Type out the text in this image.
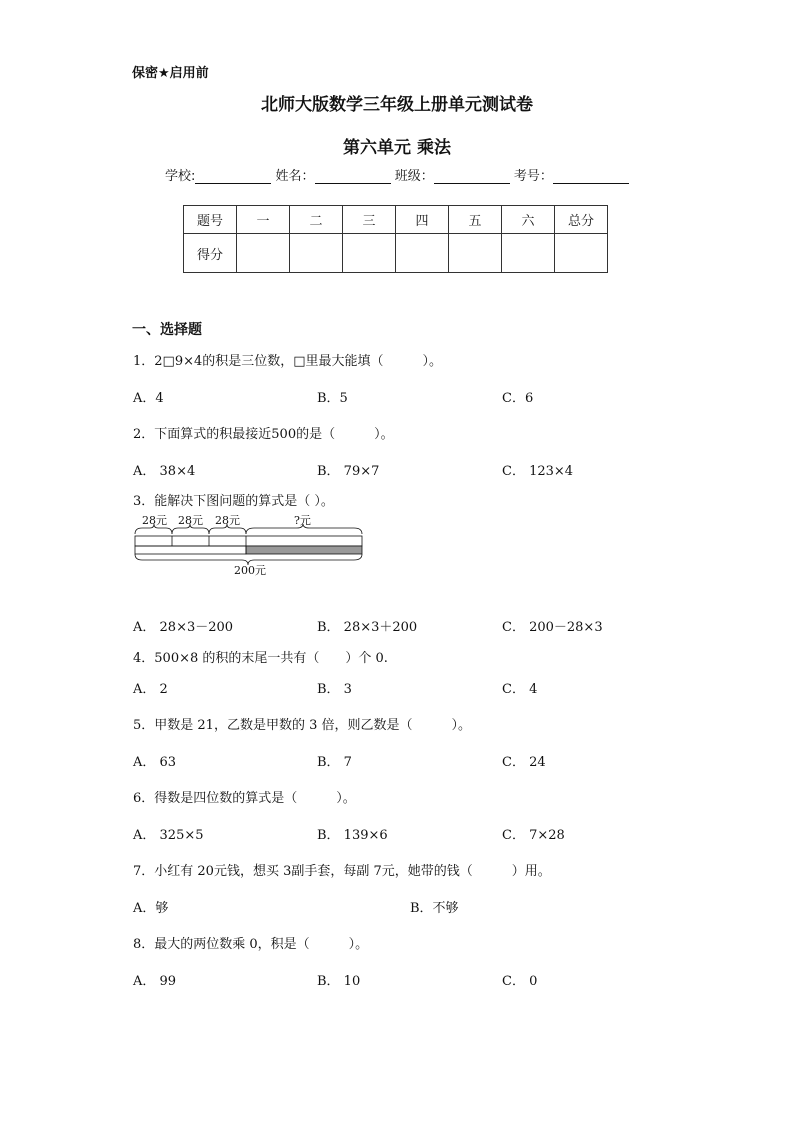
保密★启用前
北师大版数学三年级上册单元测试卷
第六单元 乘法
学校:	姓名：	班级：	考号：
题号	一	二	三	四	五	六	总分
得分							
一、选择题
1．2□9×4的积是三位数，□里最大能填（　　　）。
A．4	B．5	C．6
2．下面算式的积最接近500的是（　　　）。
A． 38×4	B． 79×7	C． 123×4
3．能解决下图问题的算式是（ ）。
28元 28元 28元	?元
200元
A． 28×3－200	B． 28×3＋200	C． 200－28×3
4．500×8 的积的末尾一共有（　　）个 0.
A． 2	B． 3	C． 4
5．甲数是 21，乙数是甲数的 3 倍，则乙数是（　　　）。
A． 63	B． 7	C． 24
6．得数是四位数的算式是（　　　）。
A． 325×5	B． 139×6	C． 7×28
7．小红有 20元钱，想买 3副手套，每副 7元，她带的钱（　　　）用。
A．够	B．不够
8．最大的两位数乘 0，积是（　　　）。
A． 99	B． 10	C． 0
